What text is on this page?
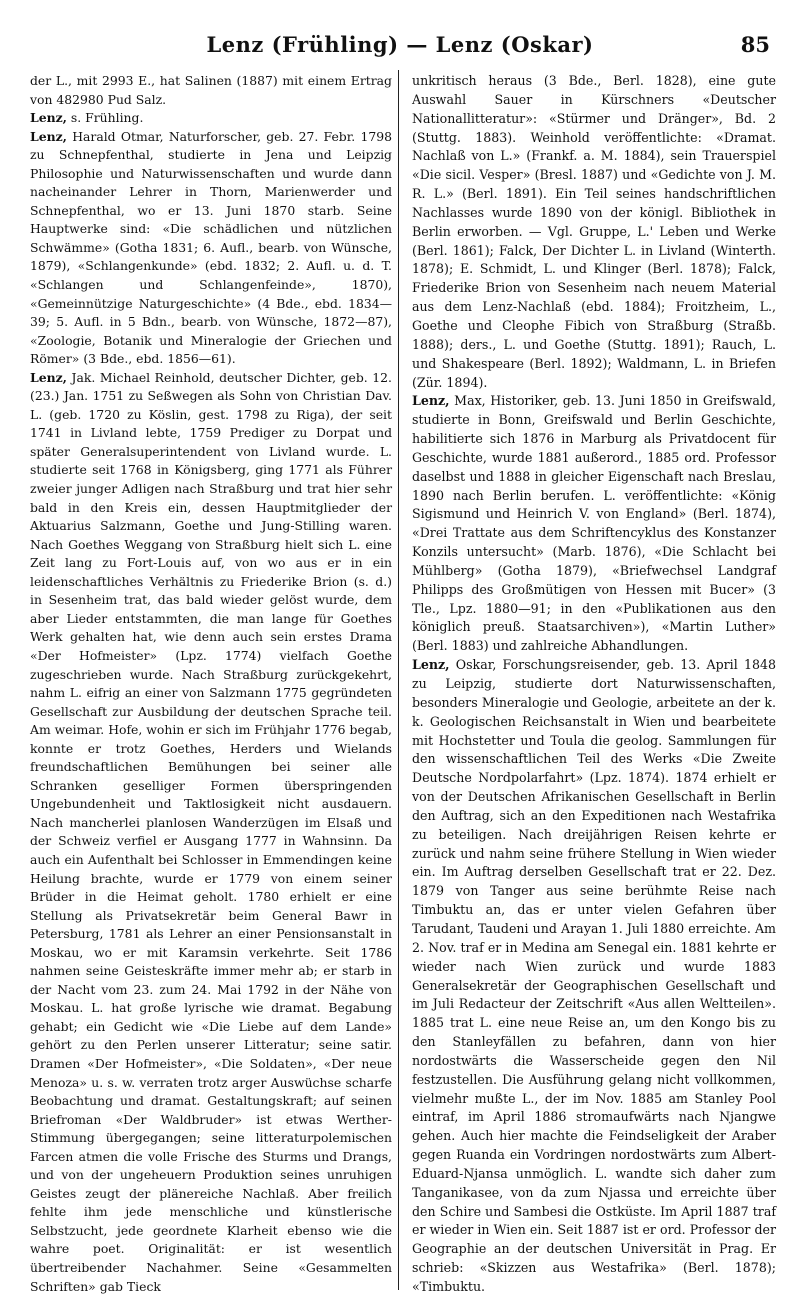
Lenz (Frühling) — Lenz (Oskar)	85

der L., mit 2993 E., hat Salinen (1887) mit einem Ertrag von 482980 Pud Salz.

Lenz, s. Frühling.

Lenz, Harald Otmar, Naturforscher, geb. 27. Febr. 1798 zu Schnepfenthal, studierte in Jena und Leipzig Philosophie und Naturwissenschaften und wurde dann nacheinander Lehrer in Thorn, Marienwerder und Schnepfenthal, wo er 13. Juni 1870 starb. Seine Hauptwerke sind: «Die schädlichen und nützlichen Schwämme» (Gotha 1831; 6. Aufl., bearb. von Wünsche, 1879), «Schlangenkunde» (ebd. 1832; 2. Aufl. u. d. T. «Schlangen und Schlangenfeinde», 1870), «Gemeinnützige Naturgeschichte» (4 Bde., ebd. 1834—39; 5. Aufl. in 5 Bdn., bearb. von Wünsche, 1872—87), «Zoologie, Botanik und Mineralogie der Griechen und Römer» (3 Bde., ebd. 1856—61).

Lenz, Jak. Michael Reinhold, deutscher Dichter, geb. 12. (23.) Jan. 1751 zu Seßwegen als Sohn von Christian Dav. L. (geb. 1720 zu Köslin, gest. 1798 zu Riga), der seit 1741 in Livland lebte, 1759 Prediger zu Dorpat und später Generalsuperintendent von Livland wurde. L. studierte seit 1768 in Königsberg, ging 1771 als Führer zweier junger Adligen nach Straßburg und trat hier sehr bald in den Kreis ein, dessen Hauptmitglieder der Aktuarius Salzmann, Goethe und Jung-Stilling waren. Nach Goethes Weggang von Straßburg hielt sich L. eine Zeit lang zu Fort-Louis auf, von wo aus er in ein leidenschaftliches Verhältnis zu Friederike Brion (s. d.) in Sesenheim trat, das bald wieder gelöst wurde, dem aber Lieder entstammten, die man lange für Goethes Werk gehalten hat, wie denn auch sein erstes Drama «Der Hofmeister» (Lpz. 1774) vielfach Goethe zugeschrieben wurde. Nach Straßburg zurückgekehrt, nahm L. eifrig an einer von Salzmann 1775 gegründeten Gesellschaft zur Ausbildung der deutschen Sprache teil. Am weimar. Hofe, wohin er sich im Frühjahr 1776 begab, konnte er trotz Goethes, Herders und Wielands freundschaftlichen Bemühungen bei seiner alle Schranken geselliger Formen überspringenden Ungebundenheit und Taktlosigkeit nicht ausdauern. Nach mancherlei planlosen Wanderzügen im Elsaß und der Schweiz verfiel er Ausgang 1777 in Wahnsinn. Da auch ein Aufenthalt bei Schlosser in Emmendingen keine Heilung brachte, wurde er 1779 von einem seiner Brüder in die Heimat geholt. 1780 erhielt er eine Stellung als Privatsekretär beim General Bawr in Petersburg, 1781 als Lehrer an einer Pensionsanstalt in Moskau, wo er mit Karamsin verkehrte. Seit 1786 nahmen seine Geisteskräfte immer mehr ab; er starb in der Nacht vom 23. zum 24. Mai 1792 in der Nähe von Moskau. L. hat große lyrische wie dramat. Begabung gehabt; ein Gedicht wie «Die Liebe auf dem Lande» gehört zu den Perlen unserer Litteratur; seine satir. Dramen «Der Hofmeister», «Die Soldaten», «Der neue Menoza» u. s. w. verraten trotz arger Auswüchse scharfe Beobachtung und dramat. Gestaltungskraft; auf seinen Briefroman «Der Waldbruder» ist etwas Werther-Stimmung übergegangen; seine litteraturpolemischen Farcen atmen die volle Frische des Sturms und Drangs, und von der ungeheuern Produktion seines unruhigen Geistes zeugt der plänereiche Nachlaß. Aber freilich fehlte ihm jede menschliche und künstlerische Selbstzucht, jede geordnete Klarheit ebenso wie die wahre poet. Originalität: er ist wesentlich übertreibender Nachahmer. Seine «Gesammelten Schriften» gab Tieck

unkritisch heraus (3 Bde., Berl. 1828), eine gute Auswahl Sauer in Kürschners «Deutscher Nationallitteratur»: «Stürmer und Dränger», Bd. 2 (Stuttg. 1883). Weinhold veröffentlichte: «Dramat. Nachlaß von L.» (Frankf. a. M. 1884), sein Trauerspiel «Die sicil. Vesper» (Bresl. 1887) und «Gedichte von J. M. R. L.» (Berl. 1891). Ein Teil seines handschriftlichen Nachlasses wurde 1890 von der königl. Bibliothek in Berlin erworben. — Vgl. Gruppe, L.' Leben und Werke (Berl. 1861); Falck, Der Dichter L. in Livland (Winterth. 1878); E. Schmidt, L. und Klinger (Berl. 1878); Falck, Friederike Brion von Sesenheim nach neuem Material aus dem Lenz-Nachlaß (ebd. 1884); Froitzheim, L., Goethe und Cleophe Fibich von Straßburg (Straßb. 1888); ders., L. und Goethe (Stuttg. 1891); Rauch, L. und Shakespeare (Berl. 1892); Waldmann, L. in Briefen (Zür. 1894).

Lenz, Max, Historiker, geb. 13. Juni 1850 in Greifswald, studierte in Bonn, Greifswald und Berlin Geschichte, habilitierte sich 1876 in Marburg als Privatdocent für Geschichte, wurde 1881 außerord., 1885 ord. Professor daselbst und 1888 in gleicher Eigenschaft nach Breslau, 1890 nach Berlin berufen. L. veröffentlichte: «König Sigismund und Heinrich V. von England» (Berl. 1874), «Drei Trattate aus dem Schriftencyklus des Konstanzer Konzils untersucht» (Marb. 1876), «Die Schlacht bei Mühlberg» (Gotha 1879), «Briefwechsel Landgraf Philipps des Großmütigen von Hessen mit Bucer» (3 Tle., Lpz. 1880—91; in den «Publikationen aus den königlich preuß. Staatsarchiven»), «Martin Luther» (Berl. 1883) und zahlreiche Abhandlungen.

Lenz, Oskar, Forschungsreisender, geb. 13. April 1848 zu Leipzig, studierte dort Naturwissenschaften, besonders Mineralogie und Geologie, arbeitete an der k. k. Geologischen Reichsanstalt in Wien und bearbeitete mit Hochstetter und Toula die geolog. Sammlungen für den wissenschaftlichen Teil des Werks «Die Zweite Deutsche Nordpolarfahrt» (Lpz. 1874). 1874 erhielt er von der Deutschen Afrikanischen Gesellschaft in Berlin den Auftrag, sich an den Expeditionen nach Westafrika zu beteiligen. Nach dreijährigen Reisen kehrte er zurück und nahm seine frühere Stellung in Wien wieder ein. Im Auftrag derselben Gesellschaft trat er 22. Dez. 1879 von Tanger aus seine berühmte Reise nach Timbuktu an, das er unter vielen Gefahren über Tarudant, Taudeni und Araуan 1. Juli 1880 erreichte. Am 2. Nov. traf er in Medina am Senegal ein. 1881 kehrte er wieder nach Wien zurück und wurde 1883 Generalsekretär der Geographischen Gesellschaft und im Juli Redacteur der Zeitschrift «Aus allen Weltteilen». 1885 trat L. eine neue Reise an, um den Kongo bis zu den Stanleyfällen zu befahren, dann von hier nordostwärts die Wasserscheide gegen den Nil festzustellen. Die Ausführung gelang nicht vollkommen, vielmehr mußte L., der im Nov. 1885 am Stanley Pool eintraf, im April 1886 stromaufwärts nach Njangwe gehen. Auch hier machte die Feindseligkeit der Araber gegen Ruanda ein Vordringen nordostwärts zum Albert-Eduard-Njansa unmöglich. L. wandte sich daher zum Tanganikasee, von da zum Njassa und erreichte über den Schire und Sambesi die Ostküste. Im April 1887 traf er wieder in Wien ein. Seit 1887 ist er ord. Professor der Geographie an der deutschen Universität in Prag. Er schrieb: «Skizzen aus Westafrika» (Berl. 1878); «Timbuktu.
